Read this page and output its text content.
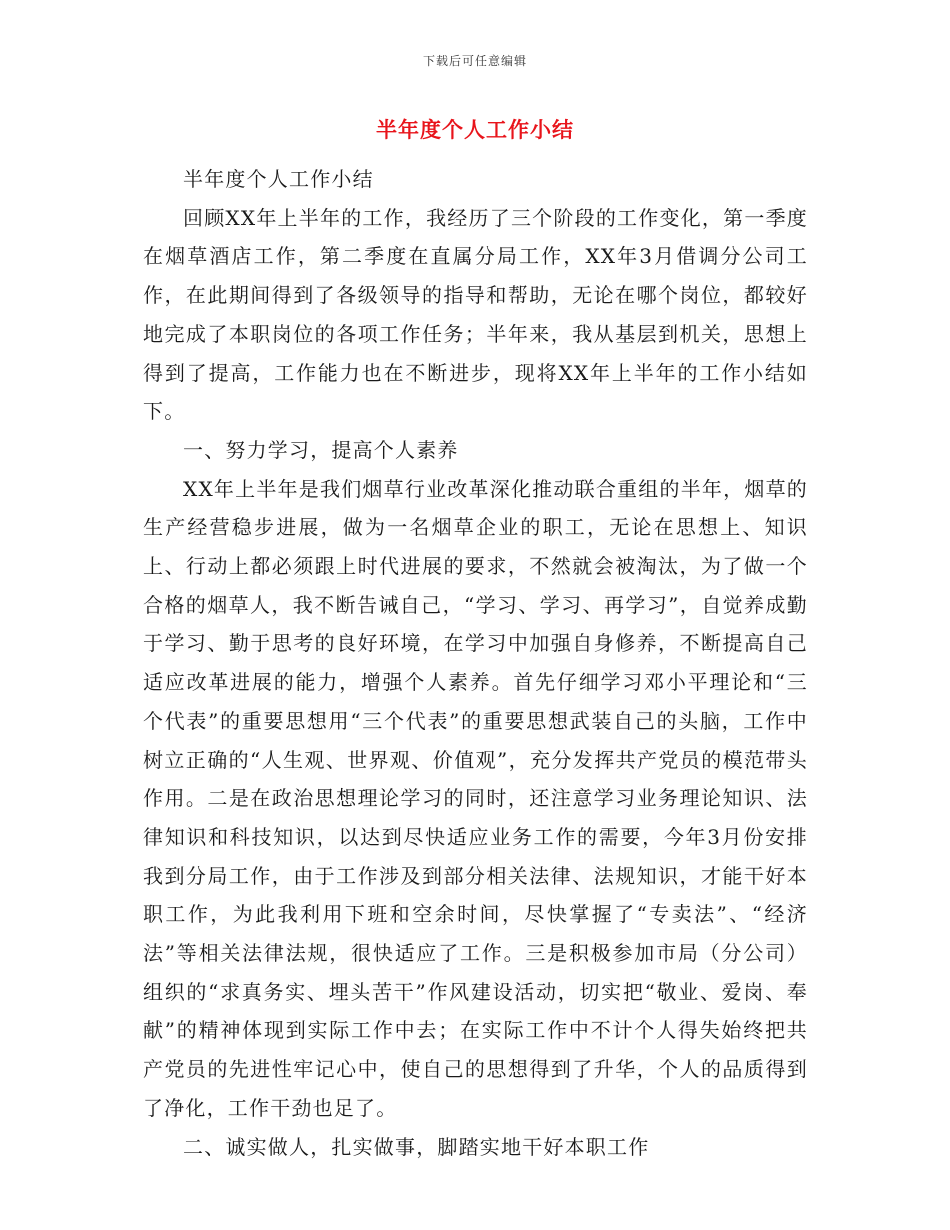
下载后可任意编辑
半年度个人工作小结

半年度个人工作小结

回顾XX年上半年的工作，我经历了三个阶段的工作变化，第一季度在烟草酒店工作，第二季度在直属分局工作，XX年3月借调分公司工作，在此期间得到了各级领导的指导和帮助，无论在哪个岗位，都较好地完成了本职岗位的各项工作任务；半年来，我从基层到机关，思想上得到了提高，工作能力也在不断进步，现将XX年上半年的工作小结如下。

一、努力学习，提高个人素养

XX年上半年是我们烟草行业改革深化推动联合重组的半年，烟草的生产经营稳步进展，做为一名烟草企业的职工，无论在思想上、知识上、行动上都必须跟上时代进展的要求，不然就会被淘汰，为了做一个合格的烟草人，我不断告诫自己，“学习、学习、再学习”，自觉养成勤于学习、勤于思考的良好环境，在学习中加强自身修养，不断提高自己适应改革进展的能力，增强个人素养。首先仔细学习邓小平理论和“三个代表”的重要思想用“三个代表”的重要思想武装自己的头脑，工作中树立正确的“人生观、世界观、价值观”，充分发挥共产党员的模范带头作用。二是在政治思想理论学习的同时，还注意学习业务理论知识、法律知识和科技知识，以达到尽快适应业务工作的需要，今年3月份安排我到分局工作，由于工作涉及到部分相关法律、法规知识，才能干好本职工作，为此我利用下班和空余时间，尽快掌握了“专卖法”、“经济法”等相关法律法规，很快适应了工作。三是积极参加市局（分公司）组织的“求真务实、埋头苦干”作风建设活动，切实把“敬业、爱岗、奉献”的精神体现到实际工作中去；在实际工作中不计个人得失始终把共产党员的先进性牢记心中，使自己的思想得到了升华，个人的品质得到了净化，工作干劲也足了。

二、诚实做人，扎实做事，脚踏实地干好本职工作
